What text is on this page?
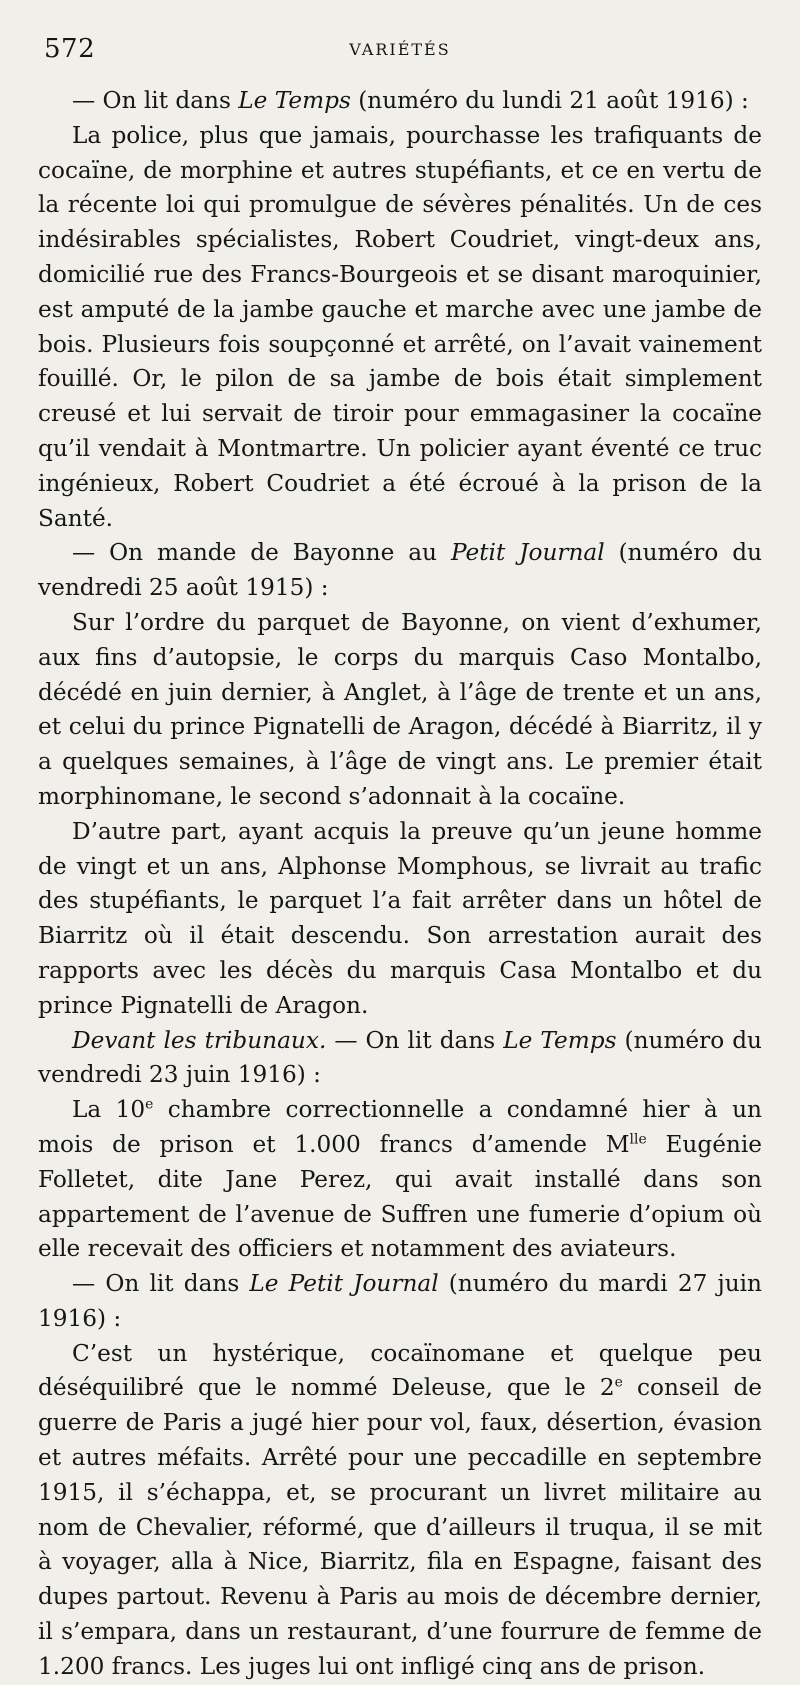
572	VARIÉTÉS

— On lit dans Le Temps (numéro du lundi 21 août 1916) :

La police, plus que jamais, pourchasse les trafiquants de cocaïne, de morphine et autres stupéfiants, et ce en vertu de la récente loi qui promulgue de sévères pénalités. Un de ces indésirables spécialistes, Robert Coudriet, vingt-deux ans, domicilié rue des Francs-Bourgeois et se disant maroquinier, est amputé de la jambe gauche et marche avec une jambe de bois. Plusieurs fois soupçonné et arrêté, on l’avait vainement fouillé. Or, le pilon de sa jambe de bois était simplement creusé et lui servait de tiroir pour emmagasiner la cocaïne qu’il vendait à Montmartre. Un policier ayant éventé ce truc ingénieux, Robert Coudriet a été écroué à la prison de la Santé.

— On mande de Bayonne au Petit Journal (numéro du vendredi 25 août 1915) :

Sur l’ordre du parquet de Bayonne, on vient d’exhumer, aux fins d’autopsie, le corps du marquis Caso Montalbo, décédé en juin dernier, à Anglet, à l’âge de trente et un ans, et celui du prince Pignatelli de Aragon, décédé à Biarritz, il y a quelques semaines, à l’âge de vingt ans. Le premier était morphinomane, le second s’adonnait à la cocaïne.

D’autre part, ayant acquis la preuve qu’un jeune homme de vingt et un ans, Alphonse Momphous, se livrait au trafic des stupéfiants, le parquet l’a fait arrêter dans un hôtel de Biarritz où il était descendu. Son arrestation aurait des rapports avec les décès du marquis Casa Montalbo et du prince Pignatelli de Aragon.

Devant les tribunaux. — On lit dans Le Temps (numéro du vendredi 23 juin 1916) :

La 10e chambre correctionnelle a condamné hier à un mois de prison et 1.000 francs d’amende $M^{lle}$ Eugénie Folletet, dite Jane Perez, qui avait installé dans son appartement de l’avenue de Suffren une fumerie d’opium où elle recevait des officiers et notamment des aviateurs.

— On lit dans Le Petit Journal (numéro du mardi 27 juin 1916) :

C’est un hystérique, cocaïnomane et quelque peu déséquilibré que le nommé Deleuse, que le 2e conseil de guerre de Paris a jugé hier pour vol, faux, désertion, évasion et autres méfaits. Arrêté pour une peccadille en septembre 1915, il s’échappa, et, se procurant un livret militaire au nom de Chevalier, réformé, que d’ailleurs il truqua, il se mit à voyager, alla à Nice, Biarritz, fila en Espagne, faisant des dupes partout. Revenu à Paris au mois de décembre dernier, il s’empara, dans un restaurant, d’une fourrure de femme de 1.200 francs. Les juges lui ont infligé cinq ans de prison.
